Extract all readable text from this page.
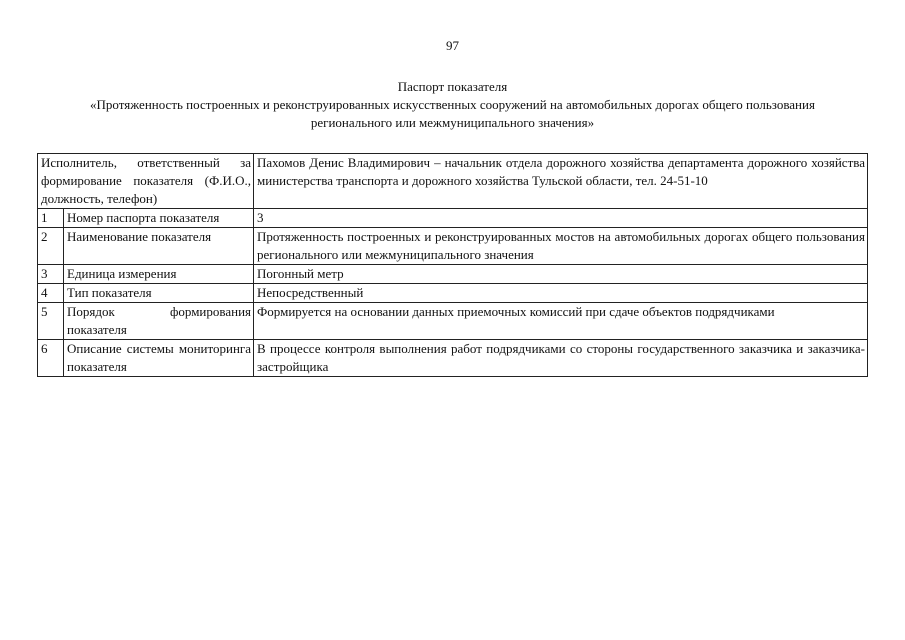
97
Паспорт показателя
«Протяженность построенных и реконструированных искусственных сооружений на автомобильных дорогах общего пользования регионального или межмуниципального значения»
Исполнитель, ответственный за формирование показателя (Ф.И.О., должность, телефон)		Пахомов Денис Владимирович – начальник отдела дорожного хозяйства департамента дорожного хозяйства министерства транспорта и дорожного хозяйства Тульской области, тел. 24-51-10
1	Номер паспорта показателя	3
2	Наименование показателя	Протяженность построенных и реконструированных мостов на автомобильных дорогах общего пользования регионального или межмуниципального значения
3	Единица измерения	Погонный метр
4	Тип показателя	Непосредственный
5	Порядок формирования показателя	Формируется на основании данных приемочных комиссий при сдаче объектов подрядчиками
6	Описание системы мониторинга показателя	В процессе контроля выполнения работ подрядчиками со стороны государственного заказчика и заказчика-застройщика
